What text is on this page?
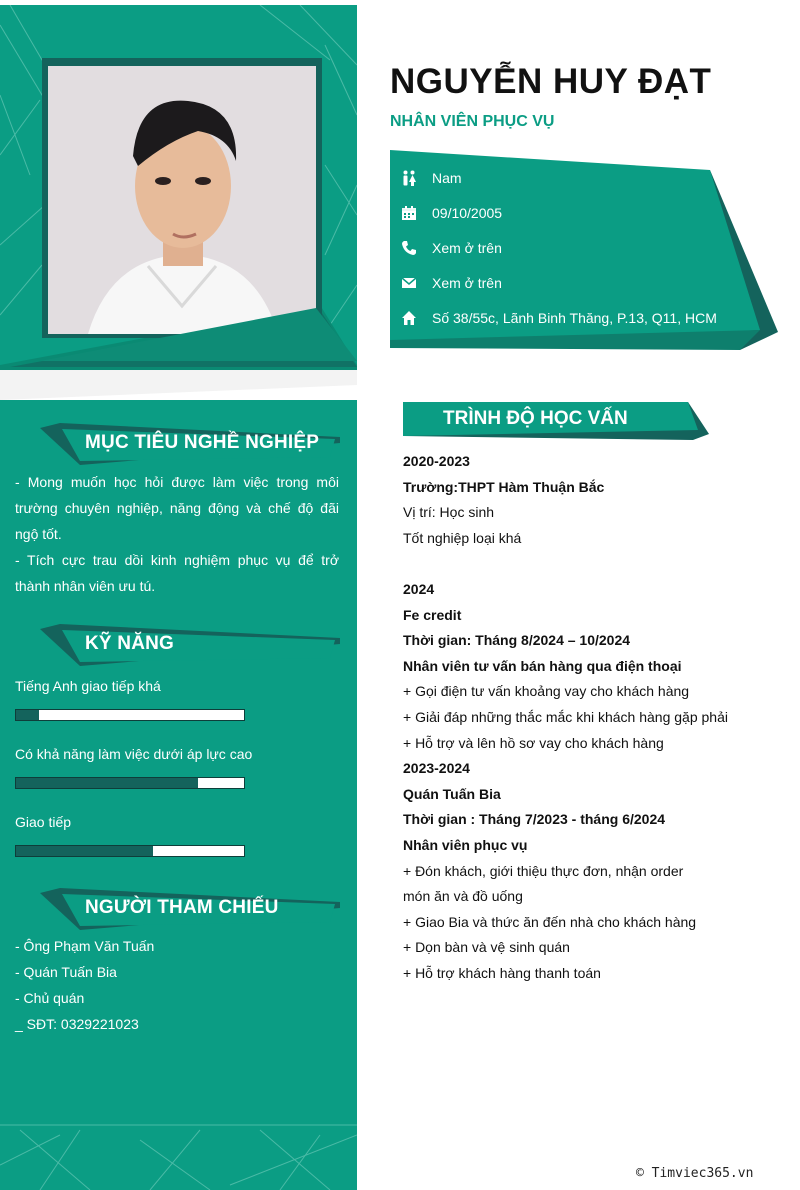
MỤC TIÊU NGHỀ NGHIỆP

- Mong muốn học hỏi được làm việc trong môi trường chuyên nghiệp, năng động và chế độ đãi ngộ tốt.

- Tích cực trau dồi kinh nghiệm phục vụ để trở thành nhân viên ưu tú.

KỸ NĂNG
Tiếng Anh giao tiếp khá
Có khả năng làm việc dưới áp lực cao
Giao tiếp
NGƯỜI THAM CHIẾU
- Ông Phạm Văn Tuấn
- Quán Tuấn Bia
- Chủ quán
_ SĐT: 0329221023
NGUYỄN HUY ĐẠT
NHÂN VIÊN PHỤC VỤ
Nam
09/10/2005
Xem ở trên
Xem ở trên
Số 38/55c, Lãnh Binh Thăng, P.13, Q11, HCM
TRÌNH ĐỘ HỌC VẤN
2020-2023
Trường:THPT Hàm Thuận Bắc
Vị trí: Học sinh
Tốt nghiệp loại khá
2024
Fe credit
Thời gian: Tháng 8/2024 – 10/2024
Nhân viên tư vấn bán hàng qua điện thoại
+ Gọi điện tư vấn khoảng vay cho khách hàng
+ Giải đáp những thắc mắc khi khách hàng gặp phải
+ Hỗ trợ và lên hồ sơ vay cho khách hàng
2023-2024
Quán Tuấn Bia
Thời gian : Tháng 7/2023 - tháng 6/2024
Nhân viên phục vụ
+ Đón khách, giới thiệu thực đơn, nhận order
món ăn và đồ uống
+ Giao Bia và thức ăn đến nhà cho khách hàng
+ Dọn bàn và vệ sinh quán
+ Hỗ trợ khách hàng thanh toán
© Timviec365.vn
